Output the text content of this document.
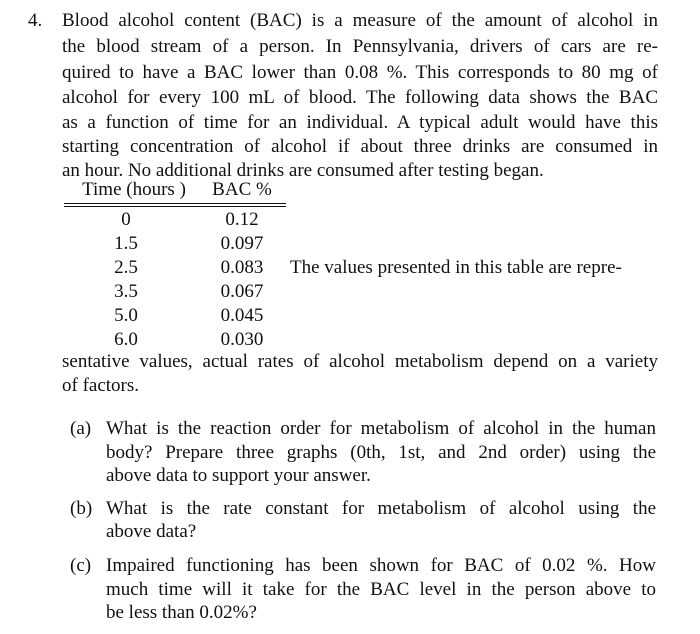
4. Blood alcohol content (BAC) is a measure of the amount of alcohol in
the blood stream of a person. In Pennsylvania, drivers of cars are re-
quired to have a BAC lower than 0.08 %. This corresponds to 80 mg of
alcohol for every 100 mL of blood. The following data shows the BAC
as a function of time for an individual. A typical adult would have this
starting concentration of alcohol if about three drinks are consumed in
an hour. No additional drinks are consumed after testing began.
Time (hours )	BAC %
0	0.12
1.5	0.097
2.5	0.083
3.5	0.067
5.0	0.045
6.0	0.030
The values presented in this table are repre-
sentative values, actual rates of alcohol metabolism depend on a variety
of factors.
(a) What is the reaction order for metabolism of alcohol in the human
body? Prepare three graphs (0th, 1st, and 2nd order) using the
above data to support your answer.
(b) What is the rate constant for metabolism of alcohol using the
above data?
(c) Impaired functioning has been shown for BAC of 0.02 %. How
much time will it take for the BAC level in the person above to
be less than 0.02%?
